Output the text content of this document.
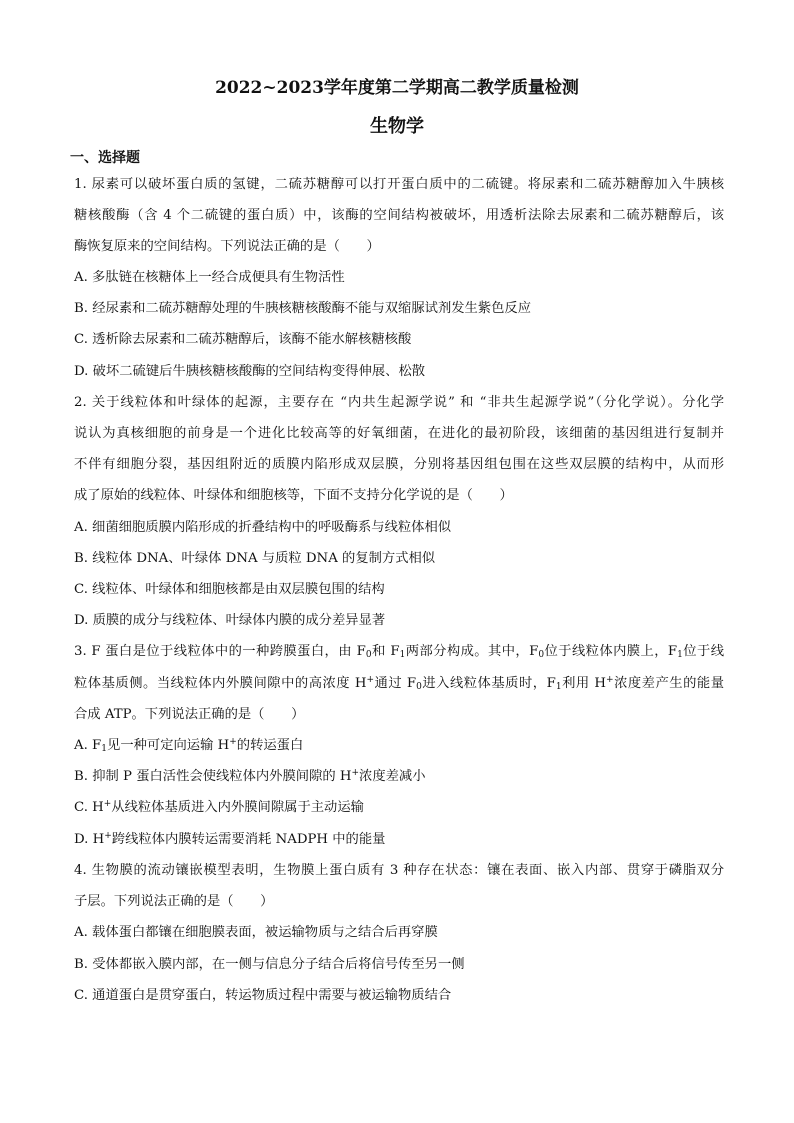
2022~2023学年度第二学期高二教学质量检测
生物学
一、选择题
1. 尿素可以破坏蛋白质的氢键，二硫苏糖醇可以打开蛋白质中的二硫键。将尿素和二硫苏糖醇加入牛胰核
糖核酸酶（含 4 个二硫键的蛋白质）中，该酶的空间结构被破坏，用透析法除去尿素和二硫苏糖醇后，该
酶恢复原来的空间结构。下列说法正确的是（　　）
A. 多肽链在核糖体上一经合成便具有生物活性
B. 经尿素和二硫苏糖醇处理的牛胰核糖核酸酶不能与双缩脲试剂发生紫色反应
C. 透析除去尿素和二硫苏糖醇后，该酶不能水解核糖核酸
D. 破坏二硫键后牛胰核糖核酸酶的空间结构变得伸展、松散
2. 关于线粒体和叶绿体的起源，主要存在 “内共生起源学说” 和 “非共生起源学说”（分化学说）。分化学
说认为真核细胞的前身是一个进化比较高等的好氧细菌，在进化的最初阶段，该细菌的基因组进行复制并
不伴有细胞分裂，基因组附近的质膜内陷形成双层膜，分别将基因组包围在这些双层膜的结构中，从而形
成了原始的线粒体、叶绿体和细胞核等，下面不支持分化学说的是（　　）
A. 细菌细胞质膜内陷形成的折叠结构中的呼吸酶系与线粒体相似
B. 线粒体 DNA、叶绿体 DNA 与质粒 DNA 的复制方式相似
C. 线粒体、叶绿体和细胞核都是由双层膜包围的结构
D. 质膜的成分与线粒体、叶绿体内膜的成分差异显著
3. F 蛋白是位于线粒体中的一种跨膜蛋白，由 $F_0$和 $F_1$两部分构成。其中，$F_0$位于线粒体内膜上，$F_1$位于线
粒体基质侧。当线粒体内外膜间隙中的高浓度 H+通过 $F_0$进入线粒体基质时，$F_1$利用 H+浓度差产生的能量
合成 ATP。下列说法正确的是（　　）
A. $F_1$见一种可定向运输 H+的转运蛋白
B. 抑制 P 蛋白活性会使线粒体内外膜间隙的 H+浓度差减小
C. H+从线粒体基质进入内外膜间隙属于主动运输
D. H+跨线粒体内膜转运需要消耗 NADPH 中的能量
4. 生物膜的流动镶嵌模型表明，生物膜上蛋白质有 3 种存在状态：镶在表面、嵌入内部、贯穿于磷脂双分
子层。下列说法正确的是（　　）
A. 载体蛋白都镶在细胞膜表面，被运输物质与之结合后再穿膜
B. 受体都嵌入膜内部，在一侧与信息分子结合后将信号传至另一侧
C. 通道蛋白是贯穿蛋白，转运物质过程中需要与被运输物质结合
